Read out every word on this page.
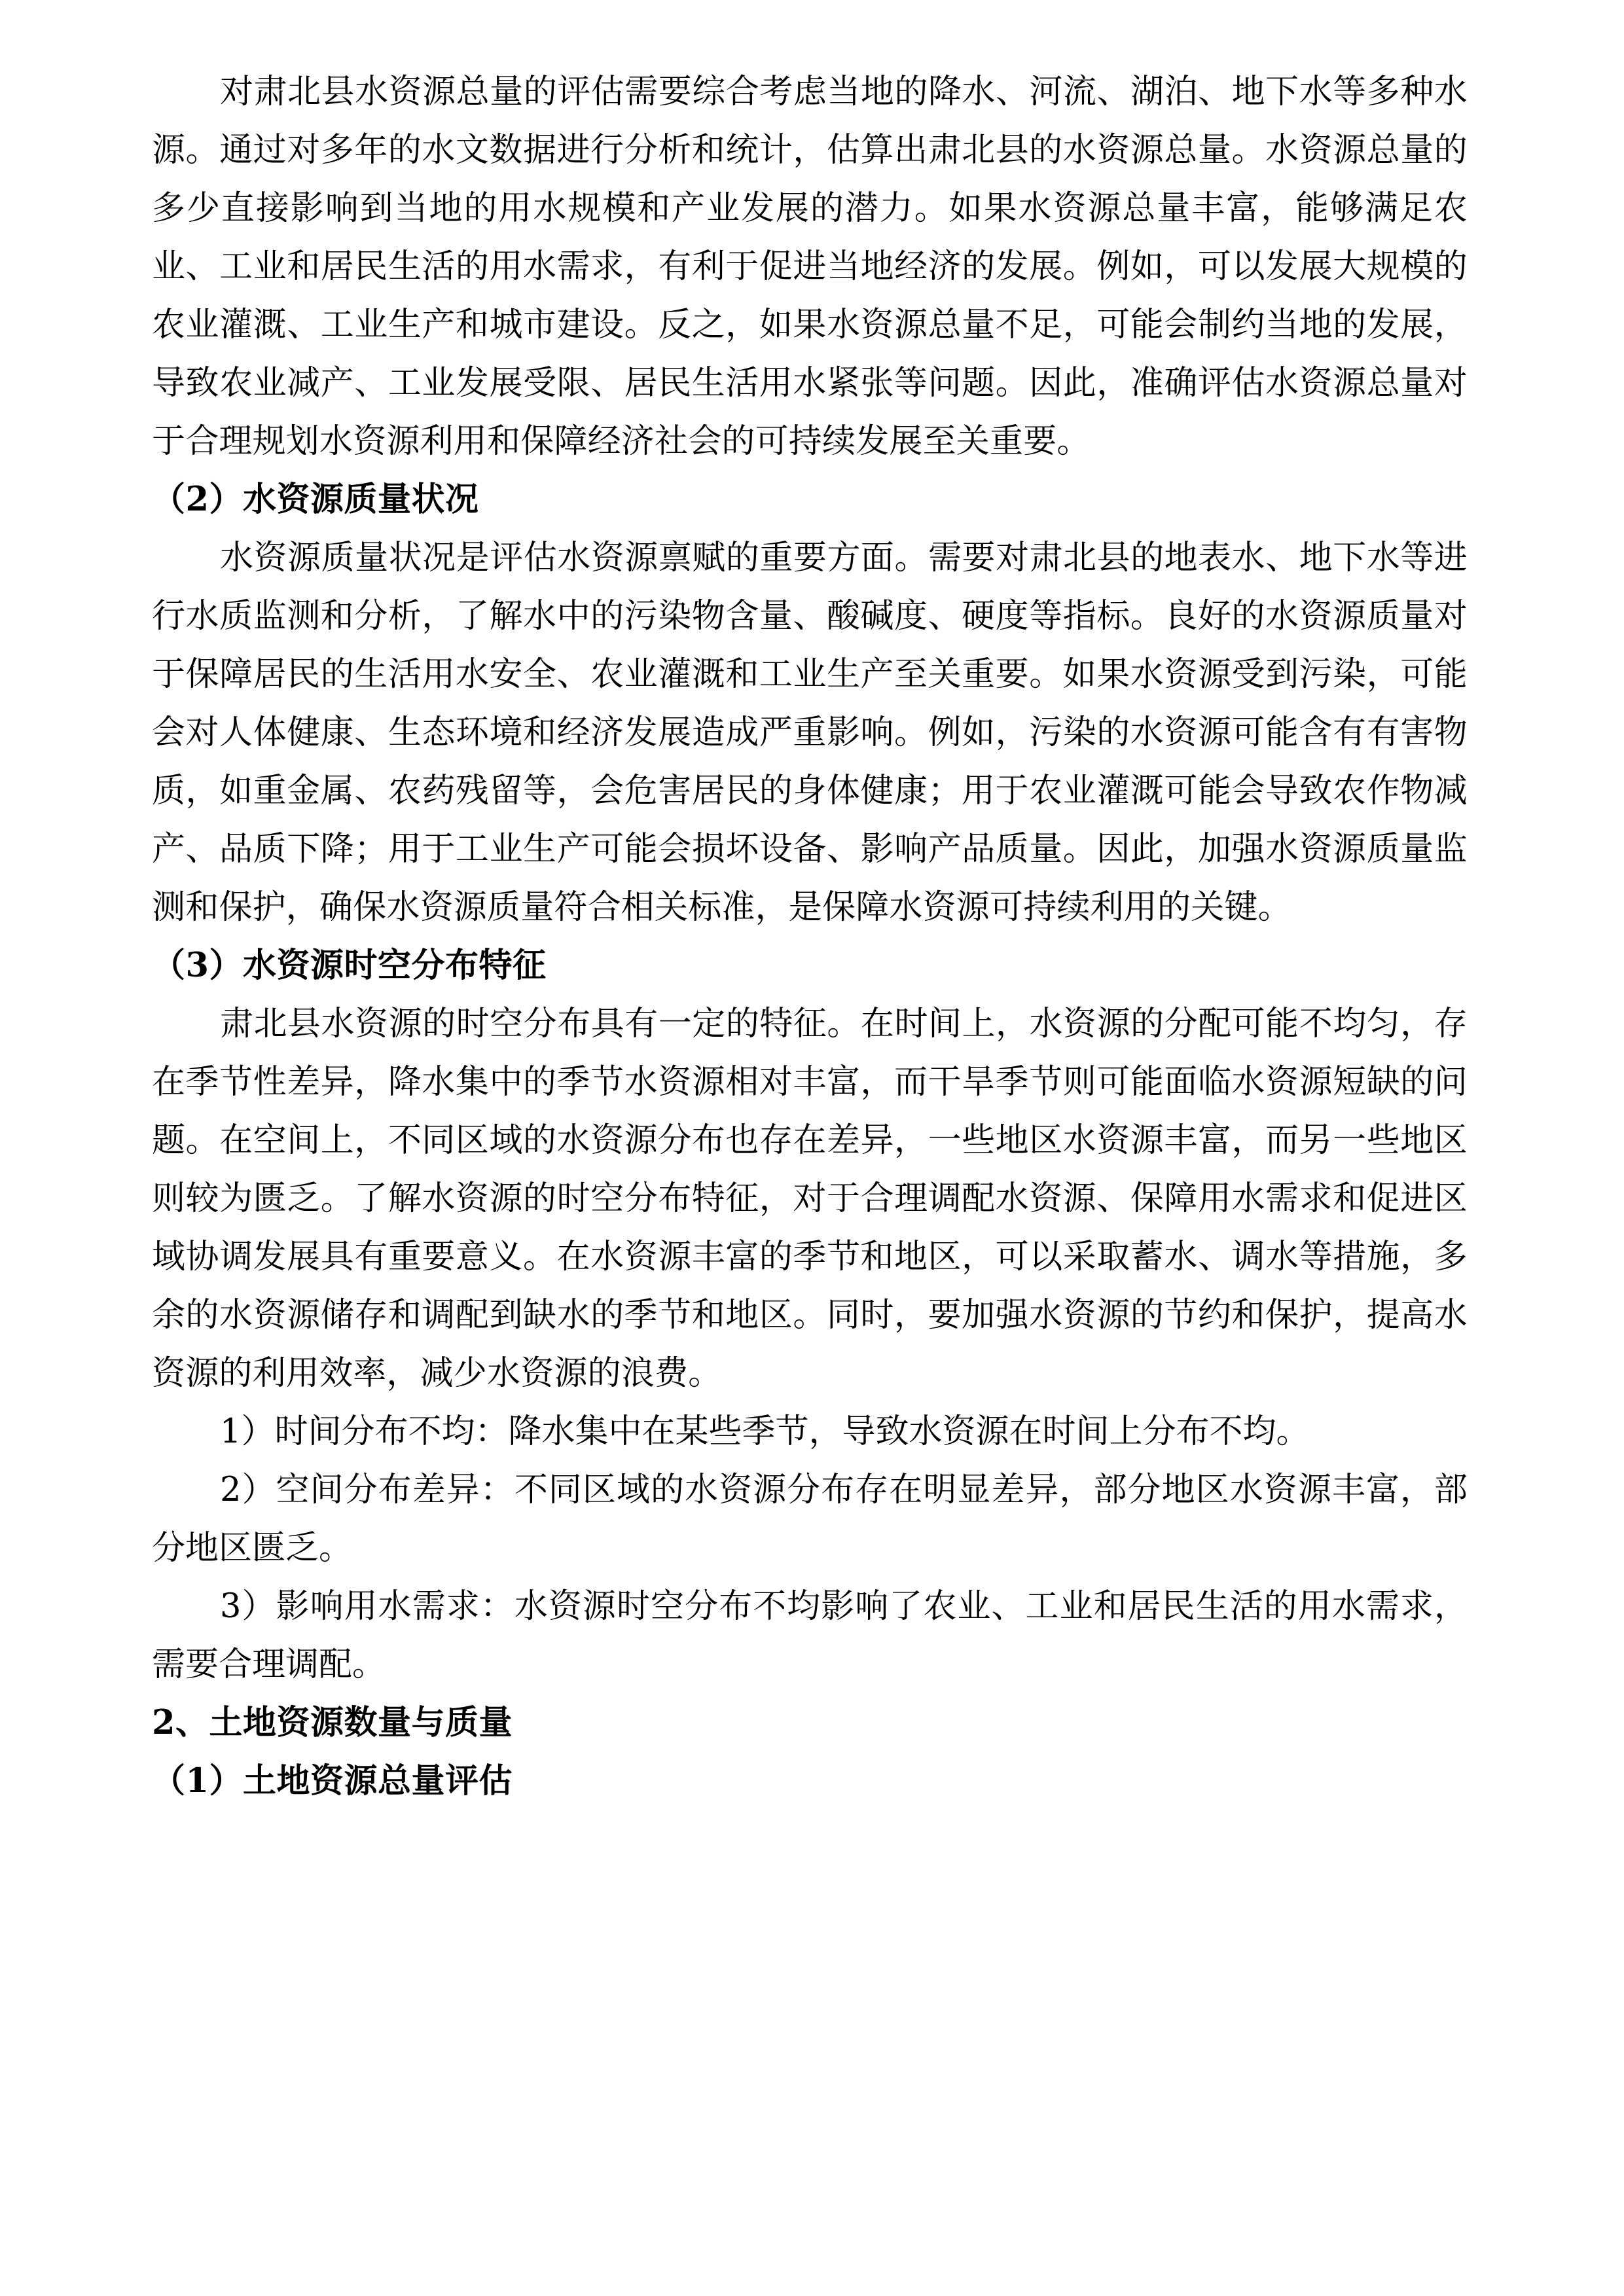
对肃北县水资源总量的评估需要综合考虑当地的降水、河流、湖泊、地下水等多种水源。通过对多年的水文数据进行分析和统计，估算出肃北县的水资源总量。水资源总量的多少直接影响到当地的用水规模和产业发展的潜力。如果水资源总量丰富，能够满足农业、工业和居民生活的用水需求，有利于促进当地经济的发展。例如，可以发展大规模的农业灌溉、工业生产和城市建设。反之，如果水资源总量不足，可能会制约当地的发展，导致农业减产、工业发展受限、居民生活用水紧张等问题。因此，准确评估水资源总量对于合理规划水资源利用和保障经济社会的可持续发展至关重要。

（2）水资源质量状况

水资源质量状况是评估水资源禀赋的重要方面。需要对肃北县的地表水、地下水等进行水质监测和分析，了解水中的污染物含量、酸碱度、硬度等指标。良好的水资源质量对于保障居民的生活用水安全、农业灌溉和工业生产至关重要。如果水资源受到污染，可能会对人体健康、生态环境和经济发展造成严重影响。例如，污染的水资源可能含有有害物质，如重金属、农药残留等，会危害居民的身体健康；用于农业灌溉可能会导致农作物减产、品质下降；用于工业生产可能会损坏设备、影响产品质量。因此，加强水资源质量监测和保护，确保水资源质量符合相关标准，是保障水资源可持续利用的关键。

（3）水资源时空分布特征

肃北县水资源的时空分布具有一定的特征。在时间上，水资源的分配可能不均匀，存在季节性差异，降水集中的季节水资源相对丰富，而干旱季节则可能面临水资源短缺的问题。在空间上，不同区域的水资源分布也存在差异，一些地区水资源丰富，而另一些地区则较为匮乏。了解水资源的时空分布特征，对于合理调配水资源、保障用水需求和促进区域协调发展具有重要意义。在水资源丰富的季节和地区，可以采取蓄水、调水等措施，多余的水资源储存和调配到缺水的季节和地区。同时，要加强水资源的节约和保护，提高水资源的利用效率，减少水资源的浪费。

1）时间分布不均：降水集中在某些季节，导致水资源在时间上分布不均。

2）空间分布差异：不同区域的水资源分布存在明显差异，部分地区水资源丰富，部分地区匮乏。

3）影响用水需求：水资源时空分布不均影响了农业、工业和居民生活的用水需求，需要合理调配。

2、土地资源数量与质量

（1）土地资源总量评估
